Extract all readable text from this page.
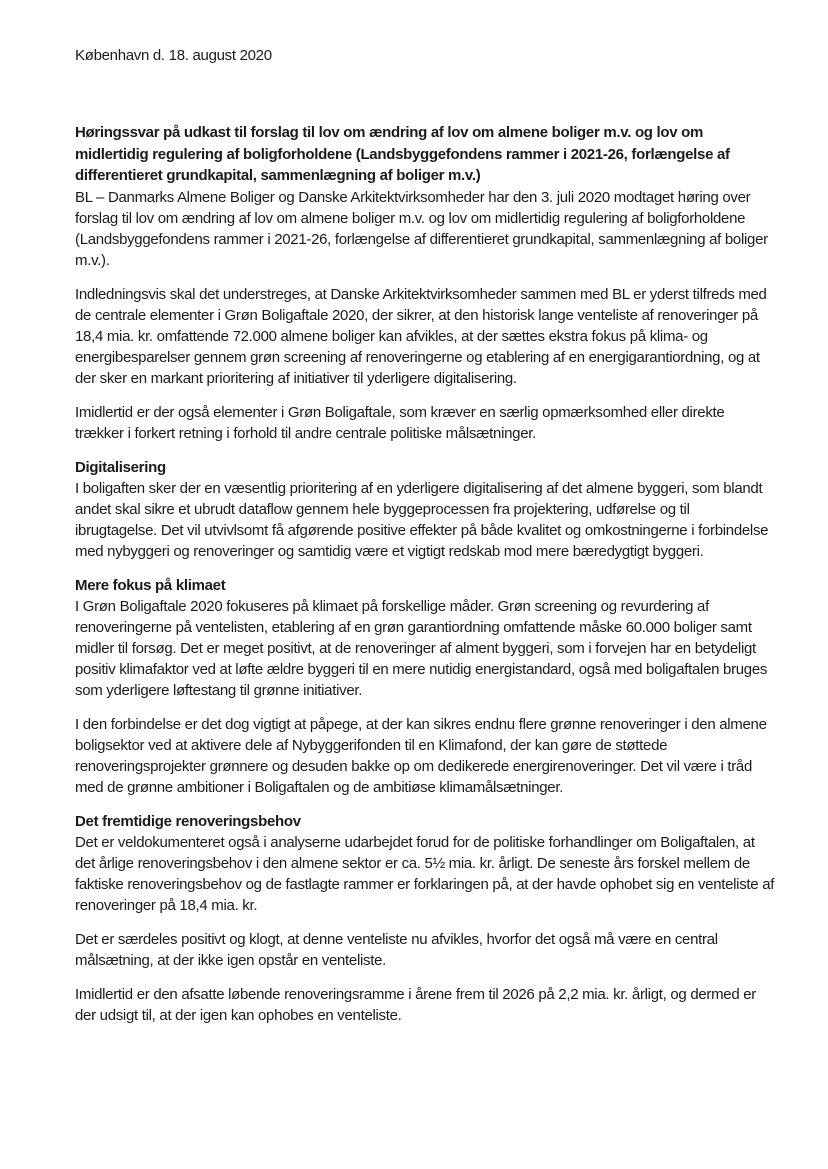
København d. 18. august 2020
Høringssvar på udkast til forslag til lov om ændring af lov om almene boliger m.v. og lov om midlertidig regulering af boligforholdene (Landsbyggefondens rammer i 2021-26, forlængelse af differentieret grundkapital, sammenlægning af boliger m.v.)

BL – Danmarks Almene Boliger og Danske Arkitektvirksomheder har den 3. juli 2020 modtaget høring over forslag til lov om ændring af lov om almene boliger m.v. og lov om midlertidig regulering af boligforholdene (Landsbyggefondens rammer i 2021-26, forlængelse af differentieret grundkapital, sammenlægning af boliger m.v.).

Indledningsvis skal det understreges, at Danske Arkitektvirksomheder sammen med BL er yderst tilfreds med de centrale elementer i Grøn Boligaftale 2020, der sikrer, at den historisk lange venteliste af renoveringer på 18,4 mia. kr. omfattende 72.000 almene boliger kan afvikles, at der sættes ekstra fokus på klima- og energibesparelser gennem grøn screening af renoveringerne og etablering af en energigarantiordning, og at der sker en markant prioritering af initiativer til yderligere digitalisering.

Imidlertid er der også elementer i Grøn Boligaftale, som kræver en særlig opmærksomhed eller direkte trækker i forkert retning i forhold til andre centrale politiske målsætninger.

Digitalisering

I boligaften sker der en væsentlig prioritering af en yderligere digitalisering af det almene byggeri, som blandt andet skal sikre et ubrudt dataflow gennem hele byggeprocessen fra projektering, udførelse og til ibrugtagelse. Det vil utvivlsomt få afgørende positive effekter på både kvalitet og omkostningerne i forbindelse med nybyggeri og renoveringer og samtidig være et vigtigt redskab mod mere bæredygtigt byggeri.

Mere fokus på klimaet

I Grøn Boligaftale 2020 fokuseres på klimaet på forskellige måder. Grøn screening og revurdering af renoveringerne på ventelisten, etablering af en grøn garantiordning omfattende måske 60.000 boliger samt midler til forsøg. Det er meget positivt, at de renoveringer af alment byggeri, som i forvejen har en betydeligt positiv klimafaktor ved at løfte ældre byggeri til en mere nutidig energistandard, også med boligaftalen bruges som yderligere løftestang til grønne initiativer.

I den forbindelse er det dog vigtigt at påpege, at der kan sikres endnu flere grønne renoveringer i den almene boligsektor ved at aktivere dele af Nybyggerifonden til en Klimafond, der kan gøre de støttede renoveringsprojekter grønnere og desuden bakke op om dedikerede energirenoveringer. Det vil være i tråd med de grønne ambitioner i Boligaftalen og de ambitiøse klimamålsætninger.

Det fremtidige renoveringsbehov

Det er veldokumenteret også i analyserne udarbejdet forud for de politiske forhandlinger om Boligaftalen, at det årlige renoveringsbehov i den almene sektor er ca. 5½ mia. kr. årligt. De seneste års forskel mellem de faktiske renoveringsbehov og de fastlagte rammer er forklaringen på, at der havde ophobet sig en venteliste af renoveringer på 18,4 mia. kr.

Det er særdeles positivt og klogt, at denne venteliste nu afvikles, hvorfor det også må være en central målsætning, at der ikke igen opstår en venteliste.

Imidlertid er den afsatte løbende renoveringsramme i årene frem til 2026 på 2,2 mia. kr. årligt, og dermed er der udsigt til, at der igen kan ophobes en venteliste.
